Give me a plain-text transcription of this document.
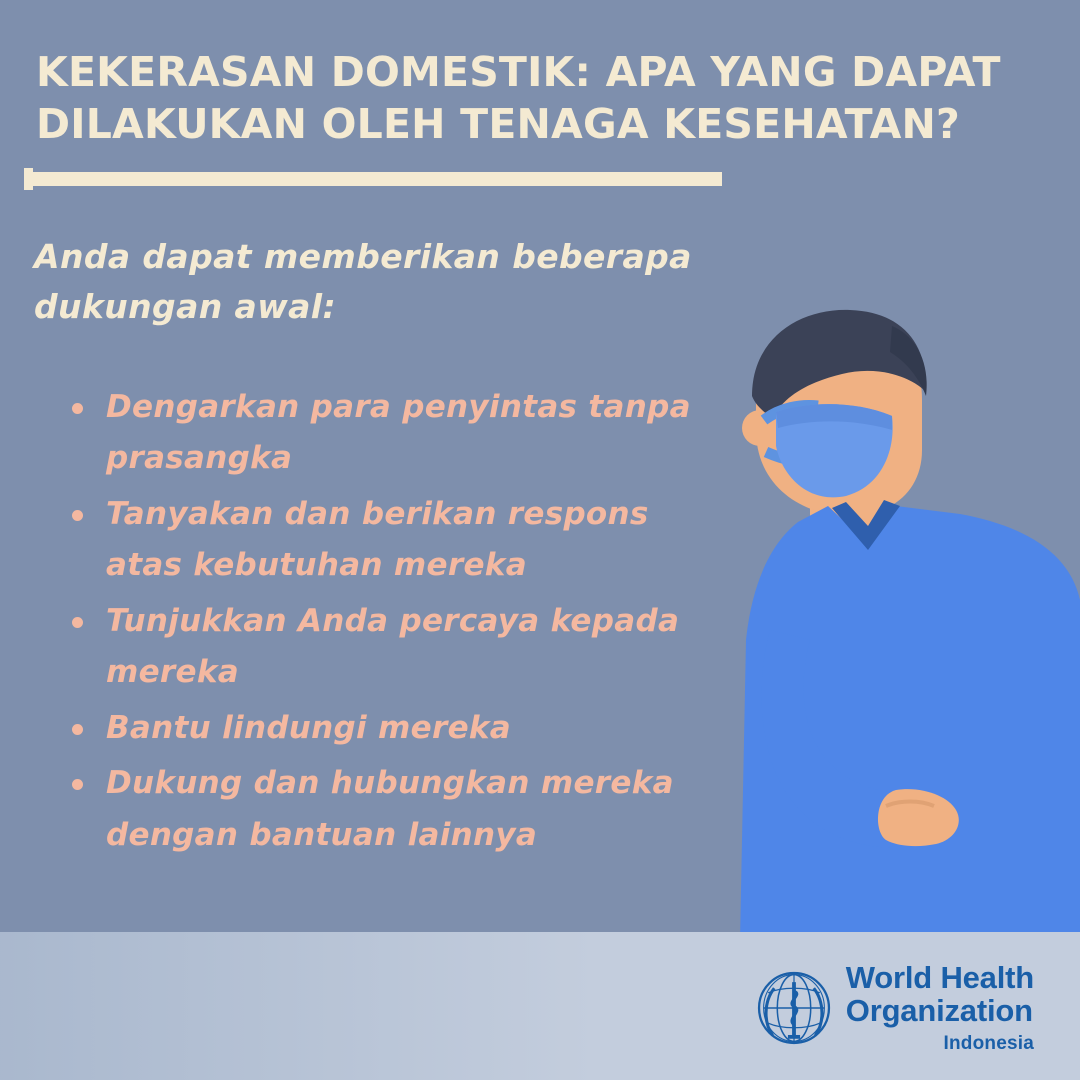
KEKERASAN DOMESTIK: APA YANG DAPAT DILAKUKAN OLEH TENAGA KESEHATAN?
Anda dapat memberikan beberapa dukungan awal:
Dengarkan para penyintas tanpa prasangka
Tanyakan dan berikan respons atas kebutuhan mereka
Tunjukkan Anda percaya kepada mereka
Bantu lindungi mereka
Dukung dan hubungkan mereka dengan bantuan lainnya
World Health
Organization
Indonesia
